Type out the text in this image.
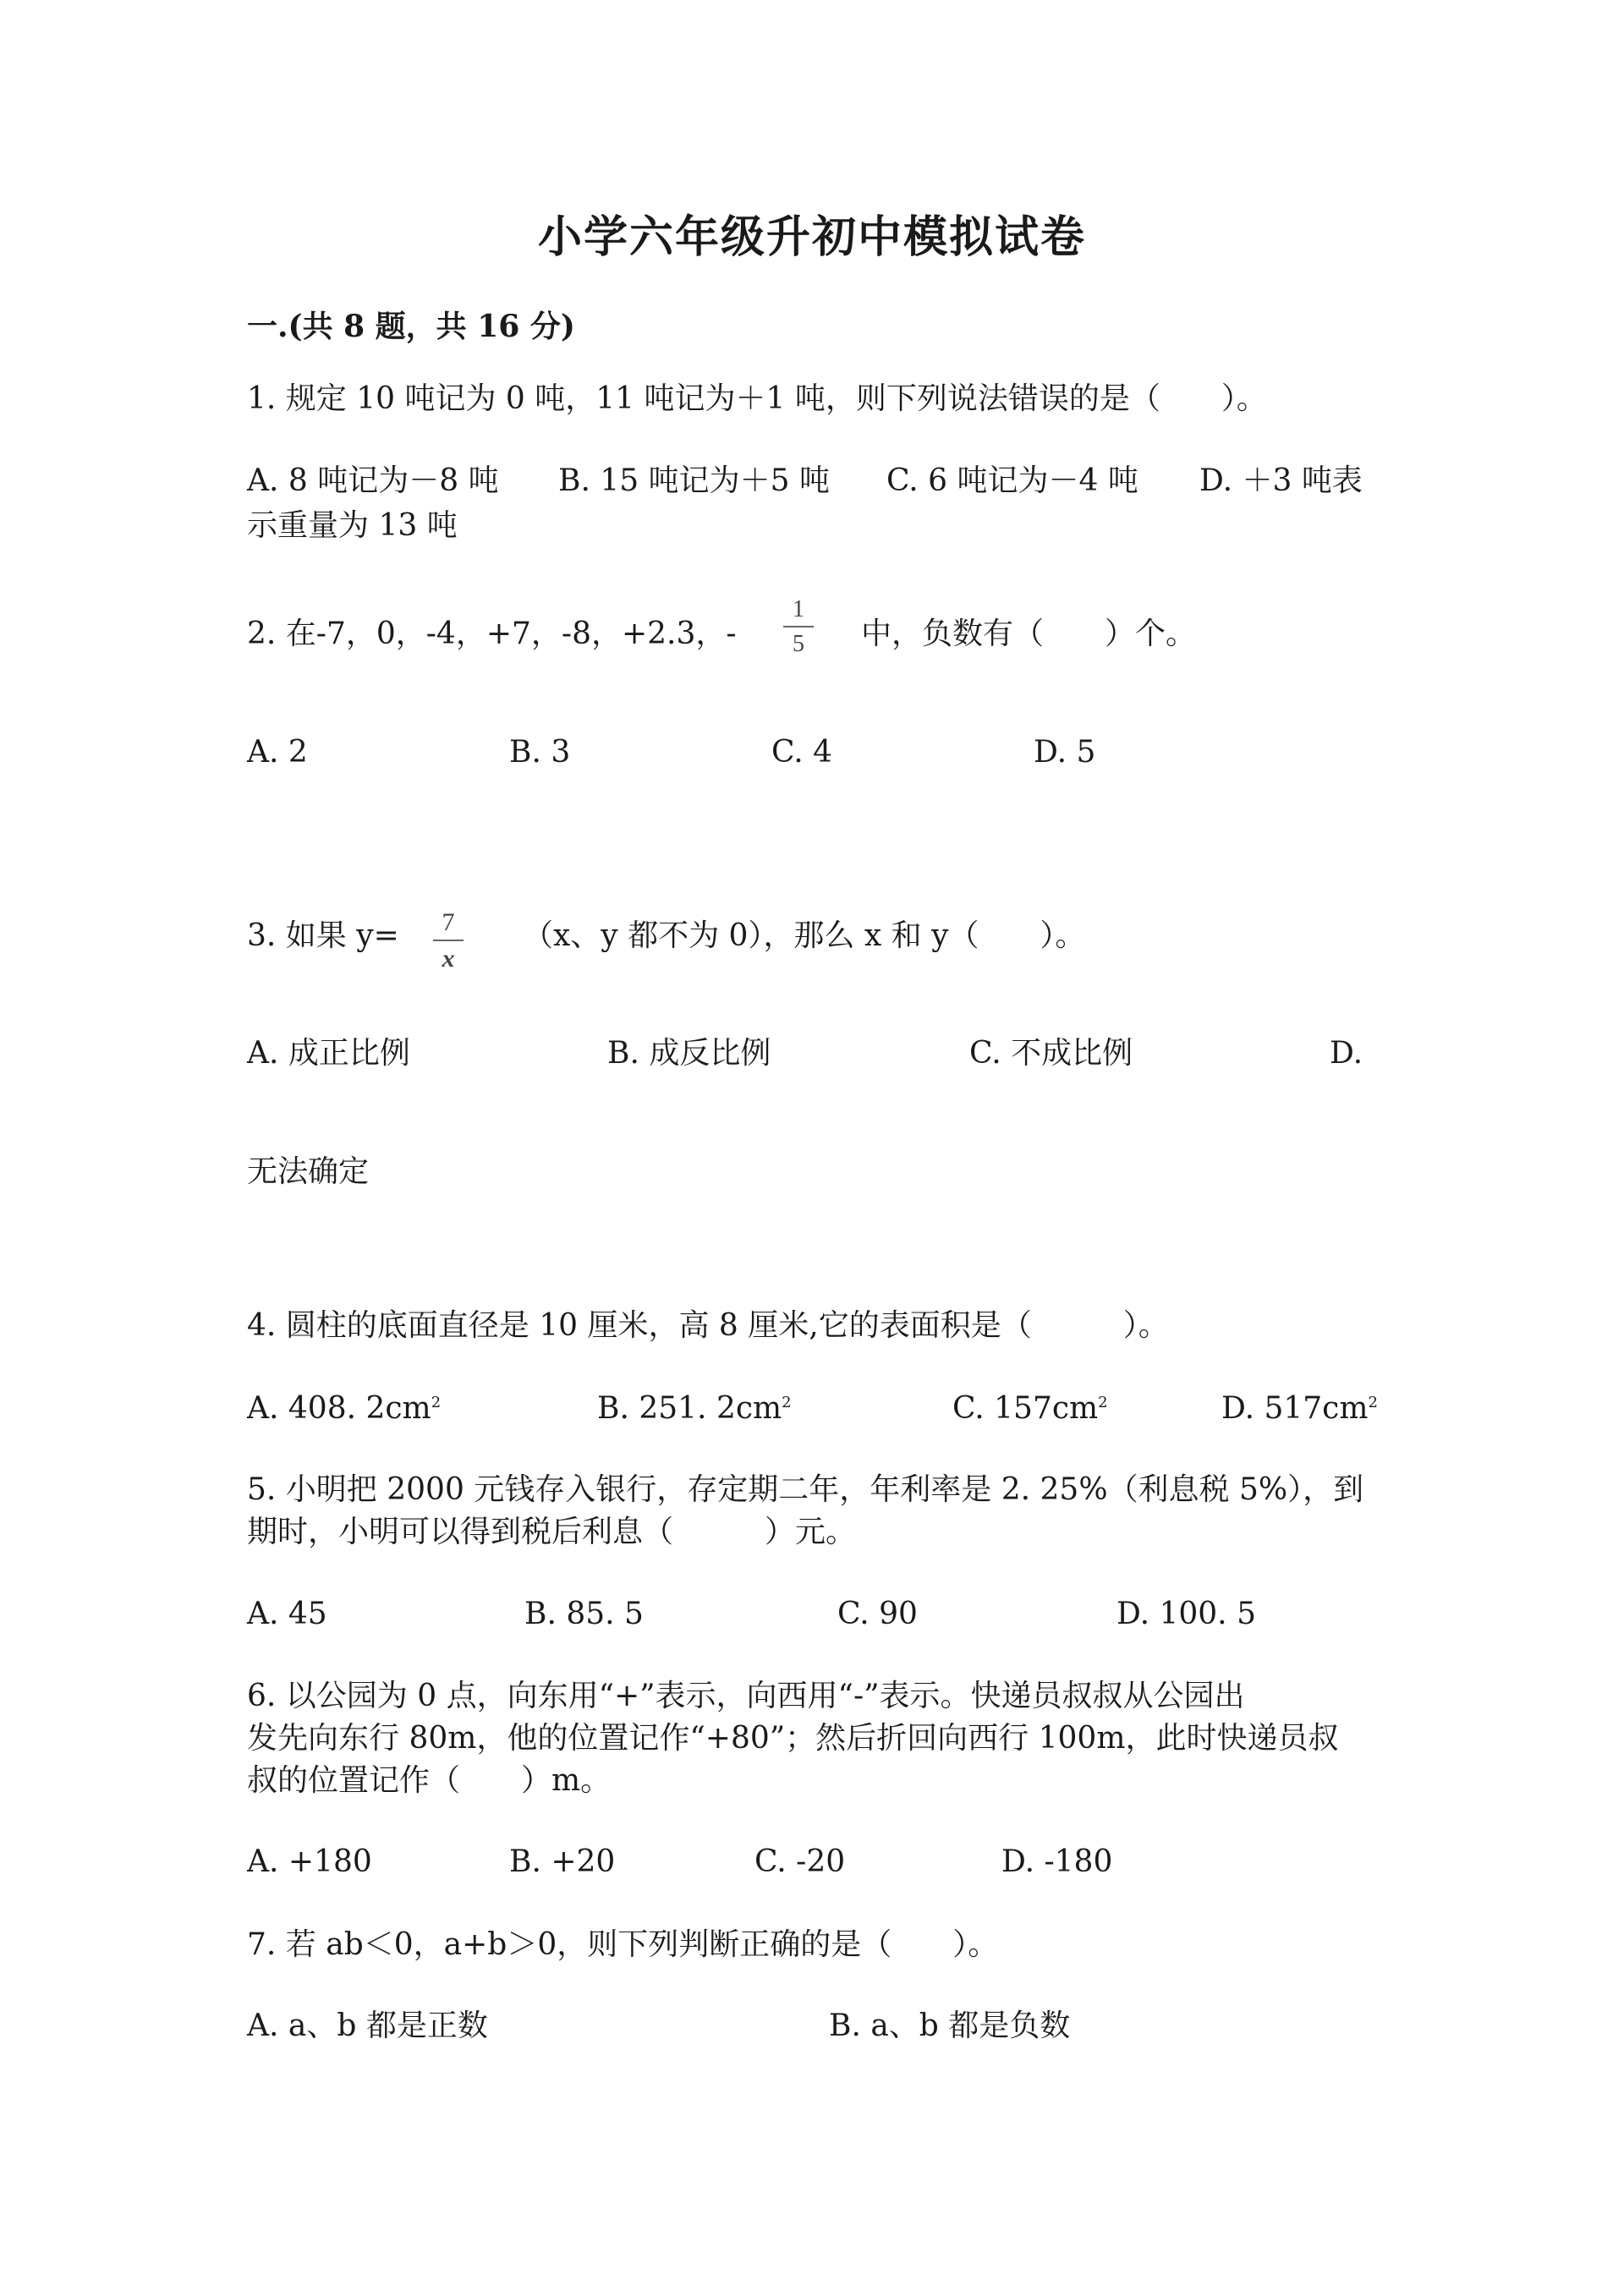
小学六年级升初中模拟试卷
一.(共 8 题，共 16 分)
1. 规定 10 吨记为 0 吨，11 吨记为＋1 吨，则下列说法错误的是（　　）。
A. 8 吨记为－8 吨 B. 15 吨记为＋5 吨 C. 6 吨记为－4 吨 D. ＋3 吨表
示重量为 13 吨
2. 在-7，0，-4，+7，-8，+2.3，-
1
5	中，负数有（　　）个。
A. 2	B. 3	C. 4	D. 5
3. 如果 y=	7
x
（x、y 都不为 0），那么 x 和 y（　　）。
A. 成正比例	B. 成反比例	C. 不成比例	D.
无法确定
4. 圆柱的底面直径是 10 厘米，高 8 厘米,它的表面积是（　　　）。
A. 408. $2cm^2$	B. 251. $2cm^2$	C. $157cm^2$	D. $517cm^2$
5. 小明把 2000 元钱存入银行，存定期二年，年利率是 2. 25%（利息税 5%），到
期时，小明可以得到税后利息（　　　）元。
A. 45	B. 85. 5	C. 90	D. 100. 5
6. 以公园为 0 点，向东用“+”表示，向西用“-”表示。快递员叔叔从公园出
发先向东行 80m，他的位置记作“+80”；然后折回向西行 100m，此时快递员叔
叔的位置记作（　　）m。
A. +180	B. +20	C. -20	D. -180
7. 若 ab＜0，a+b＞0，则下列判断正确的是（　　）。
A. a、b 都是正数	B. a、b 都是负数
